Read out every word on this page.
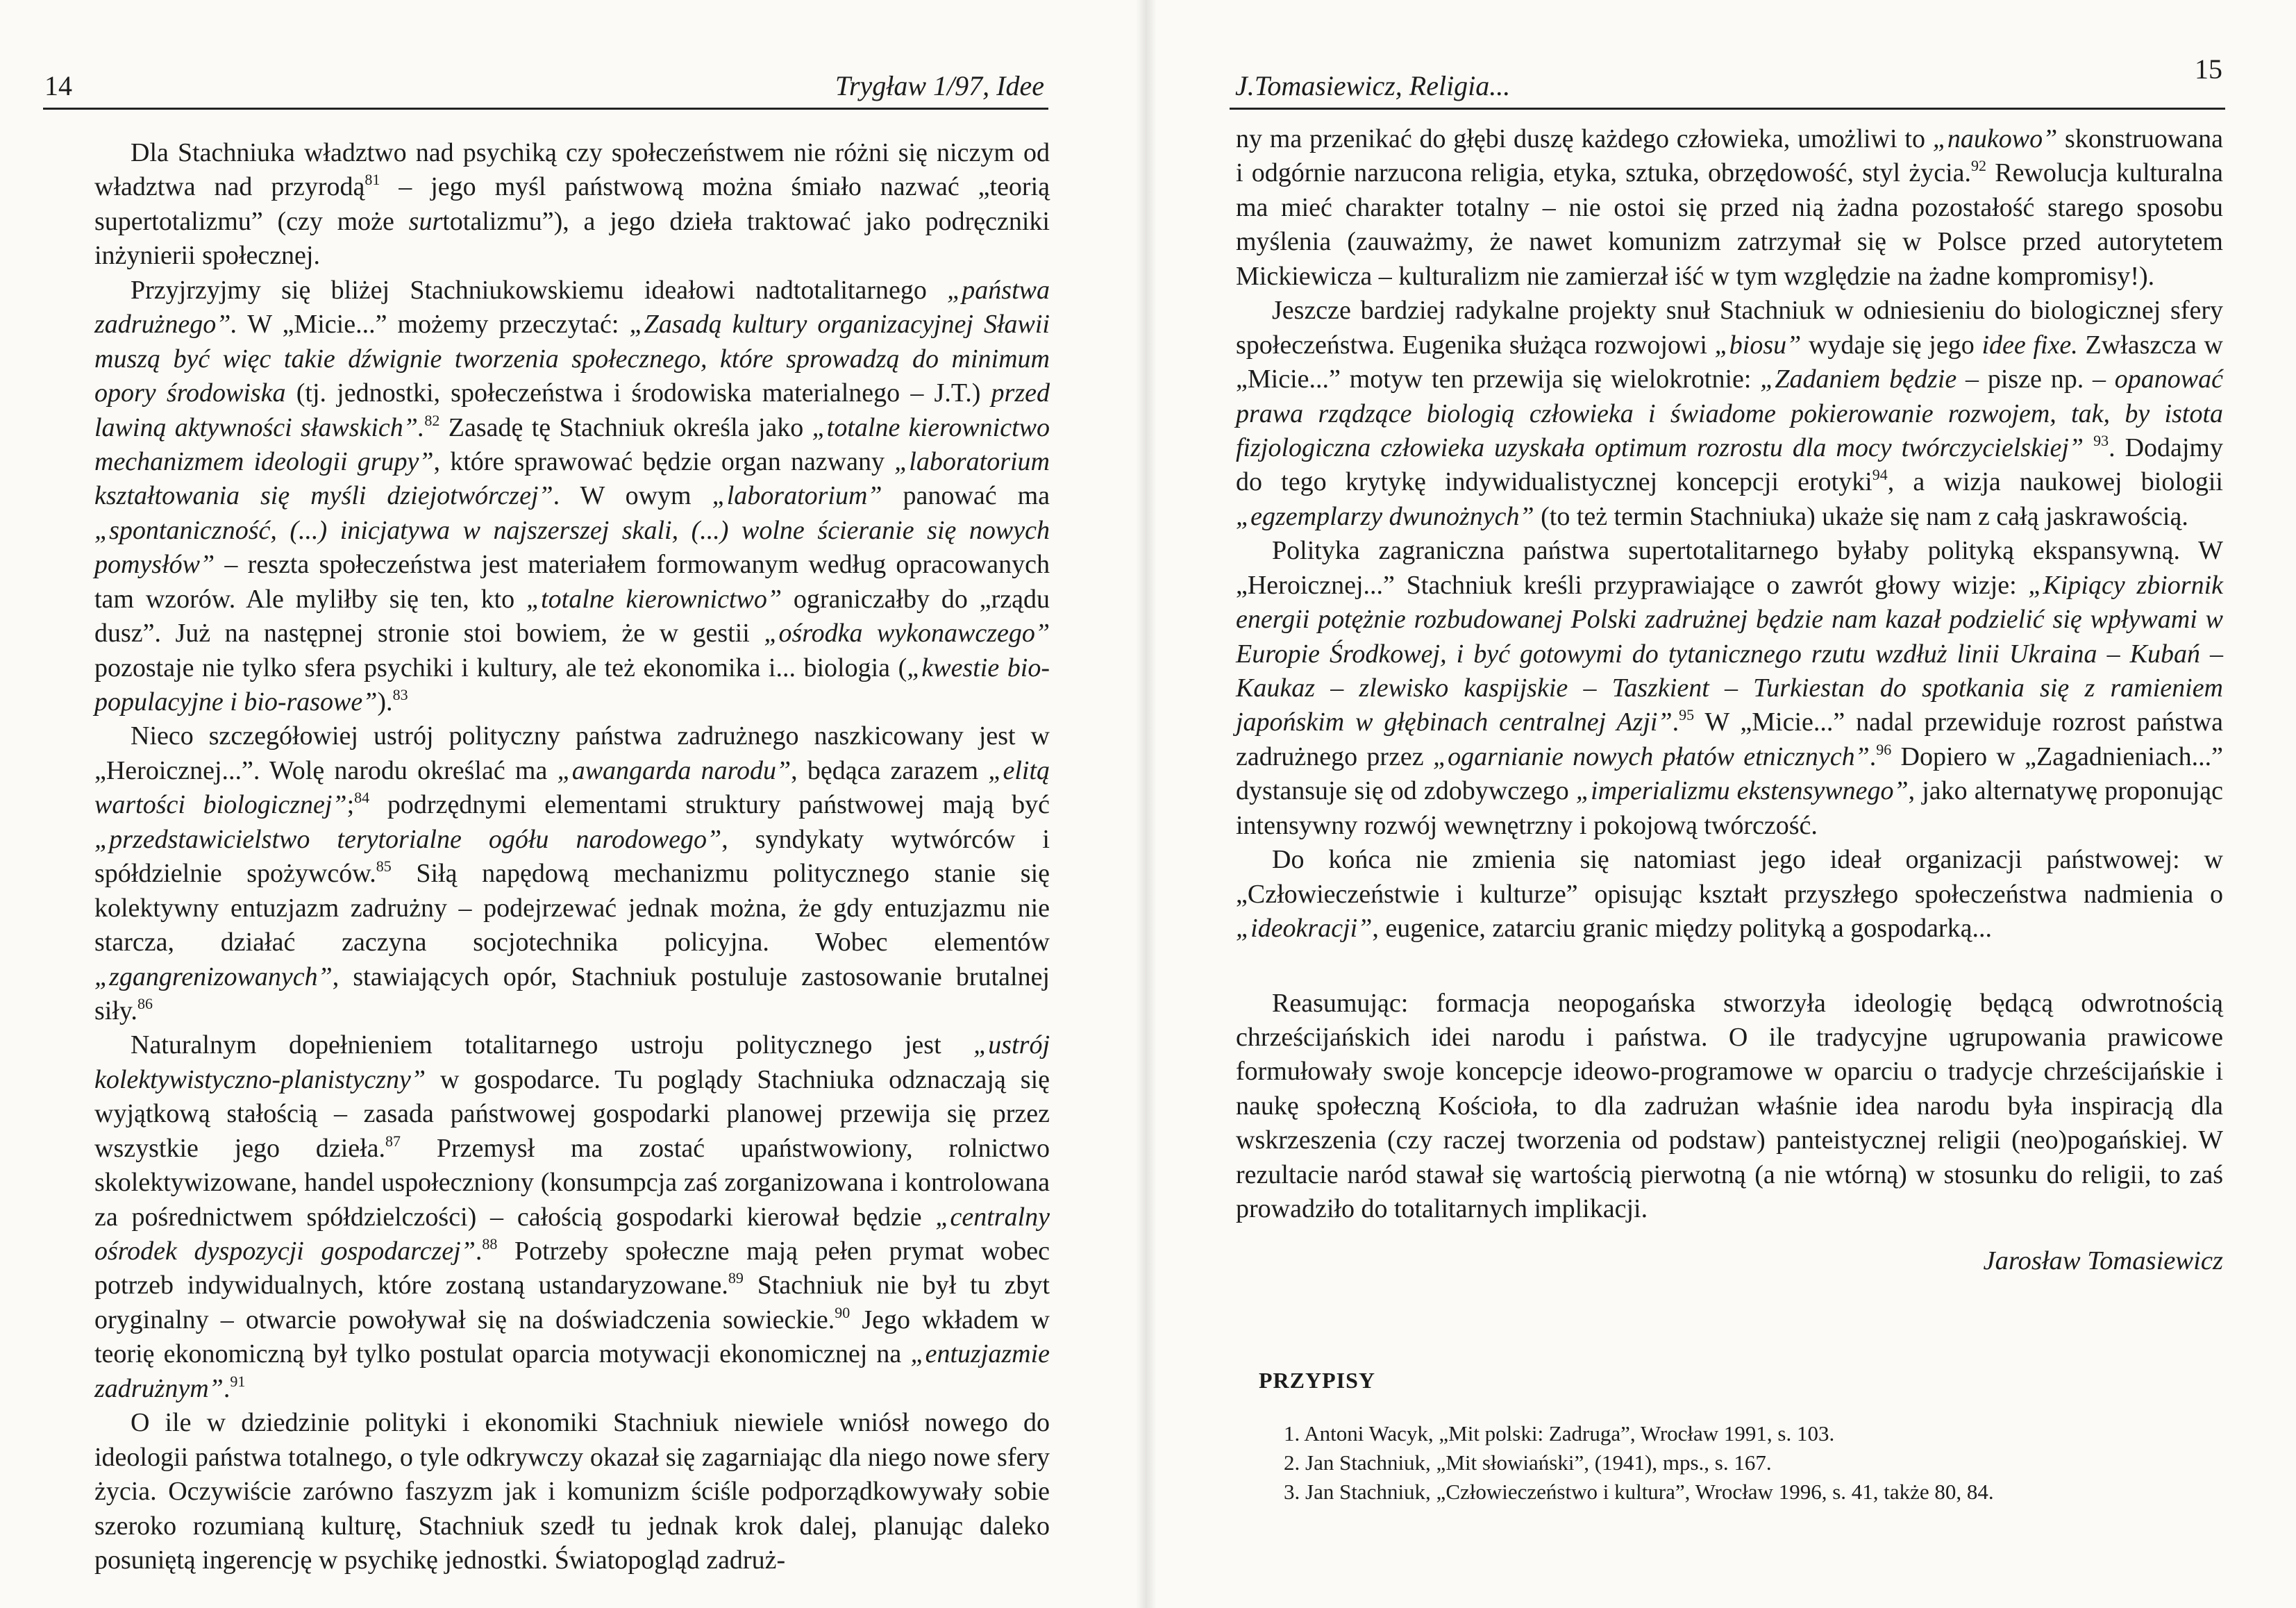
14	Trygław 1/97, Idee

Dla Stachniuka władztwo nad psychiką czy społeczeństwem nie różni się niczym od władztwa nad przyrodą$^{81}$ – jego myśl państwową można śmiało nazwać „teorią supertotalizmu” (czy może surtotalizmu”), a jego dzieła traktować jako podręczniki inżynierii społecznej.

Przyjrzyjmy się bliżej Stachniukowskiemu ideałowi nadtotalitarnego „państwa zadrużnego”. W „Micie...” możemy przeczytać: „Zasadą kultury organizacyjnej Sławii muszą być więc takie dźwignie tworzenia społecznego, które sprowadzą do minimum opory środowiska (tj. jednostki, społeczeństwa i środowiska materialnego – J.T.) przed lawiną aktywności sławskich”.$^{82}$ Zasadę tę Stachniuk określa jako „totalne kierownictwo mechanizmem ideologii grupy”, które sprawować będzie organ nazwany „laboratorium kształtowania się myśli dziejotwórczej”. W owym „laboratorium” panować ma „spontaniczność, (...) inicjatywa w najszerszej skali, (...) wolne ścieranie się nowych pomysłów” – reszta społeczeństwa jest materiałem formowanym według opracowanych tam wzorów. Ale myliłby się ten, kto „totalne kierownictwo” ograniczałby do „rządu dusz”. Już na następnej stronie stoi bowiem, że w gestii „ośrodka wykonawczego” pozostaje nie tylko sfera psychiki i kultury, ale też ekonomika i... biologia („kwestie bio-populacyjne i bio-rasowe”).$^{83}$

Nieco szczegółowiej ustrój polityczny państwa zadrużnego naszkicowany jest w „Heroicznej...”. Wolę narodu określać ma „awangarda narodu”, będąca zarazem „elitą wartości biologicznej”;$^{84}$ podrzędnymi elementami struktury państwowej mają być „przedstawicielstwo terytorialne ogółu narodowego”, syndykaty wytwórców i spółdzielnie spożywców.$^{85}$ Siłą napędową mechanizmu politycznego stanie się kolektywny entuzjazm zadrużny – podejrzewać jednak można, że gdy entuzjazmu nie starcza, działać zaczyna socjotechnika policyjna. Wobec elementów „zgangrenizowanych”, stawiających opór, Stachniuk postuluje zastosowanie brutalnej siły.$^{86}$

Naturalnym dopełnieniem totalitarnego ustroju politycznego jest „ustrój kolektywistyczno-planistyczny” w gospodarce. Tu poglądy Stachniuka odznaczają się wyjątkową stałością – zasada państwowej gospodarki planowej przewija się przez wszystkie jego dzieła.$^{87}$ Przemysł ma zostać upaństwowiony, rolnictwo skolektywizowane, handel uspołeczniony (konsumpcja zaś zorganizowana i kontrolowana za pośrednictwem spółdzielczości) – całością gospodarki kierował będzie „centralny ośrodek dyspozycji gospodarczej”.$^{88}$ Potrzeby społeczne mają pełen prymat wobec potrzeb indywidualnych, które zostaną ustandaryzowane.$^{89}$ Stachniuk nie był tu zbyt oryginalny – otwarcie powoływał się na doświadczenia sowieckie.$^{90}$ Jego wkładem w teorię ekonomiczną był tylko postulat oparcia motywacji ekonomicznej na „entuzjazmie zadrużnym”.$^{91}$

O ile w dziedzinie polityki i ekonomiki Stachniuk niewiele wniósł nowego do ideologii państwa totalnego, o tyle odkrywczy okazał się zagarniając dla niego nowe sfery życia. Oczywiście zarówno faszyzm jak i komunizm ściśle podporządkowywały sobie szeroko rozumianą kulturę, Stachniuk szedł tu jednak krok dalej, planując daleko posuniętą ingerencję w psychikę jednostki. Światopogląd zadruż-

J.Tomasiewicz, Religia...
15

ny ma przenikać do głębi duszę każdego człowieka, umożliwi to „naukowo” skonstruowana i odgórnie narzucona religia, etyka, sztuka, obrzędowość, styl życia.$^{92}$ Rewolucja kulturalna ma mieć charakter totalny – nie ostoi się przed nią żadna pozostałość starego sposobu myślenia (zauważmy, że nawet komunizm zatrzymał się w Polsce przed autorytetem Mickiewicza – kulturalizm nie zamierzał iść w tym względzie na żadne kompromisy!).

Jeszcze bardziej radykalne projekty snuł Stachniuk w odniesieniu do biologicznej sfery społeczeństwa. Eugenika służąca rozwojowi „biosu” wydaje się jego idee fixe. Zwłaszcza w „Micie...” motyw ten przewija się wielokrotnie: „Zadaniem będzie – pisze np. – opanować prawa rządzące biologią człowieka i świadome pokierowanie rozwojem, tak, by istota fizjologiczna człowieka uzyskała optimum rozrostu dla mocy twórczycielskiej” $^{93}$. Dodajmy do tego krytykę indywidualistycznej koncepcji erotyki$^{94}$, a wizja naukowej biologii „egzemplarzy dwunożnych” (to też termin Stachniuka) ukaże się nam z całą jaskrawością.

Polityka zagraniczna państwa supertotalitarnego byłaby polityką ekspansywną. W „Heroicznej...” Stachniuk kreśli przyprawiające o zawrót głowy wizje: „Kipiący zbiornik energii potężnie rozbudowanej Polski zadrużnej będzie nam kazał podzielić się wpływami w Europie Środkowej, i być gotowymi do tytanicznego rzutu wzdłuż linii Ukraina – Kubań – Kaukaz – zlewisko kaspijskie – Taszkient – Turkiestan do spotkania się z ramieniem japońskim w głębinach centralnej Azji”.$^{95}$ W „Micie...” nadal przewiduje rozrost państwa zadrużnego przez „ogarnianie nowych płatów etnicznych”.$^{96}$ Dopiero w „Zagadnieniach...” dystansuje się od zdobywczego „imperializmu ekstensywnego”, jako alternatywę proponując intensywny rozwój wewnętrzny i pokojową twórczość.

Do końca nie zmienia się natomiast jego ideał organizacji państwowej: w „Człowieczeństwie i kulturze” opisując kształt przyszłego społeczeństwa nadmienia o „ideokracji”, eugenice, zatarciu granic między polityką a gospodarką...

Reasumując: formacja neopogańska stworzyła ideologię będącą odwrotnością chrześcijańskich idei narodu i państwa. O ile tradycyjne ugrupowania prawicowe formułowały swoje koncepcje ideowo-programowe w oparciu o tradycje chrześcijańskie i naukę społeczną Kościoła, to dla zadrużan właśnie idea narodu była inspiracją dla wskrzeszenia (czy raczej tworzenia od podstaw) panteistycznej religii (neo)pogańskiej. W rezultacie naród stawał się wartością pierwotną (a nie wtórną) w stosunku do religii, to zaś prowadziło do totalitarnych implikacji.

Jarosław Tomasiewicz
PRZYPISY
1. Antoni Wacyk, „Mit polski: Zadruga”, Wrocław 1991, s. 103.
2. Jan Stachniuk, „Mit słowiański”, (1941), mps., s. 167.
3. Jan Stachniuk, „Człowieczeństwo i kultura”, Wrocław 1996, s. 41, także 80, 84.
